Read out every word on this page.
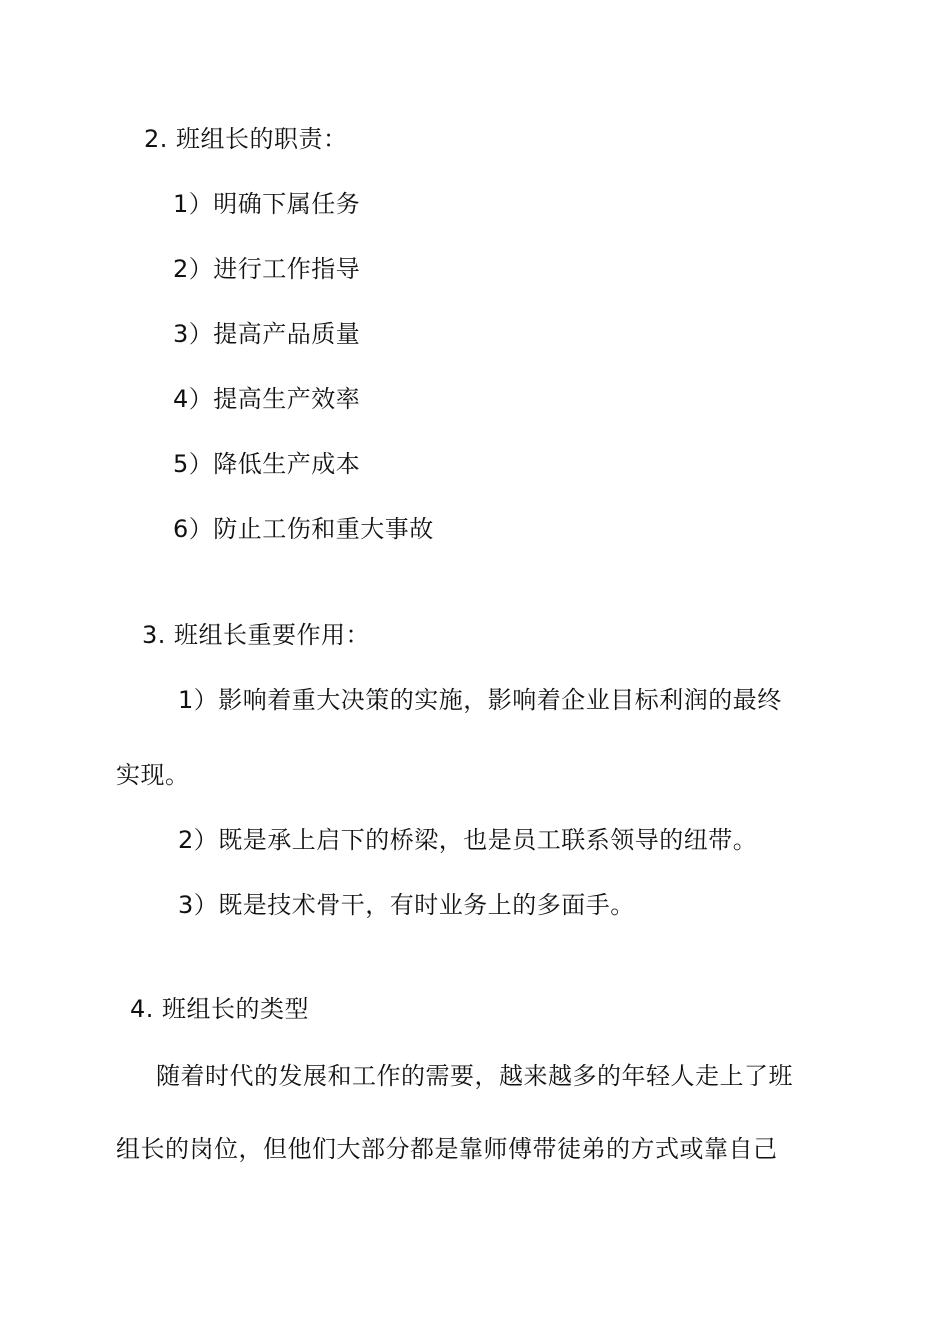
2. 班组长的职责：
1）明确下属任务
2）进行工作指导
3）提高产品质量
4）提高生产效率
5）降低生产成本
6）防止工伤和重大事故
3. 班组长重要作用：
1）影响着重大决策的实施，影响着企业目标利润的最终
实现。
2）既是承上启下的桥梁，也是员工联系领导的纽带。
3）既是技术骨干，有时业务上的多面手。
4. 班组长的类型
随着时代的发展和工作的需要，越来越多的年轻人走上了班
组长的岗位，但他们大部分都是靠师傅带徒弟的方式或靠自己
